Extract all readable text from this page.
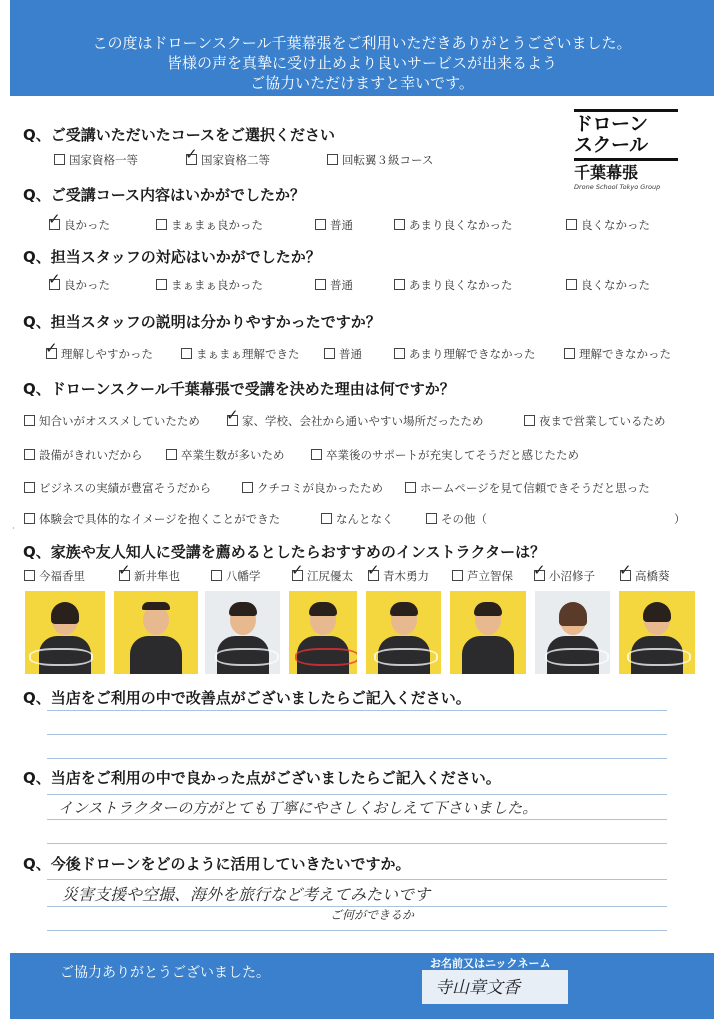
この度はドローンスクール千葉幕張をご利用いただきありがとうございました。
皆様の声を真摯に受け止めより良いサービスが出来るよう
ご協力いただけますと幸いです。
ドローン
スクール
千葉幕張
Drone School Tokyo Group
Q、ご受講いただいたコースをご選択ください
国家資格一等	✓ 国家資格二等	回転翼３級コース
Q、ご受講コース内容はいかがでしたか？
✓ 良かった	まぁまぁ良かった	普通	あまり良くなかった	良くなかった
Q、担当スタッフの対応はいかがでしたか？
✓ 良かった	まぁまぁ良かった	普通	あまり良くなかった	良くなかった
Q、担当スタッフの説明は分かりやすかったですか？
✓ 理解しやすかった	まぁまぁ理解できた	普通	あまり理解できなかった	理解できなかった
Q、ドローンスクール千葉幕張で受講を決めた理由は何ですか？
知合いがオススメしていたため ✓ 家、学校、会社から通いやすい場所だったため	夜まで営業しているため
設備がきれいだから	卒業生数が多いため	卒業後のサポートが充実してそうだと感じたため
ビジネスの実績が豊富そうだから	クチコミが良かったため	ホームページを見て信頼できそうだと思った
体験会で具体的なイメージを抱くことができた	なんとなく	その他（	）
·
Q、家族や友人知人に受講を薦めるとしたらおすすめのインストラクターは？
今福香里 ✓ 新井隼也	八幡学 ✓ 江尻優太 ✓ 青木勇力	芦立智保 ✓ 小沼修子 ✓ 高橋葵
Q、当店をご利用の中で改善点がございましたらご記入ください。
Q、当店をご利用の中で良かった点がございましたらご記入ください。
インストラクターの方がとても丁寧にやさしくおしえて下さいました。
Q、今後ドローンをどのように活用していきたいですか。
災害支援や空撮、海外を旅行など考えてみたいです
ご何ができるか
ご協力ありがとうございました。
お名前又はニックネーム
寺山章文香
